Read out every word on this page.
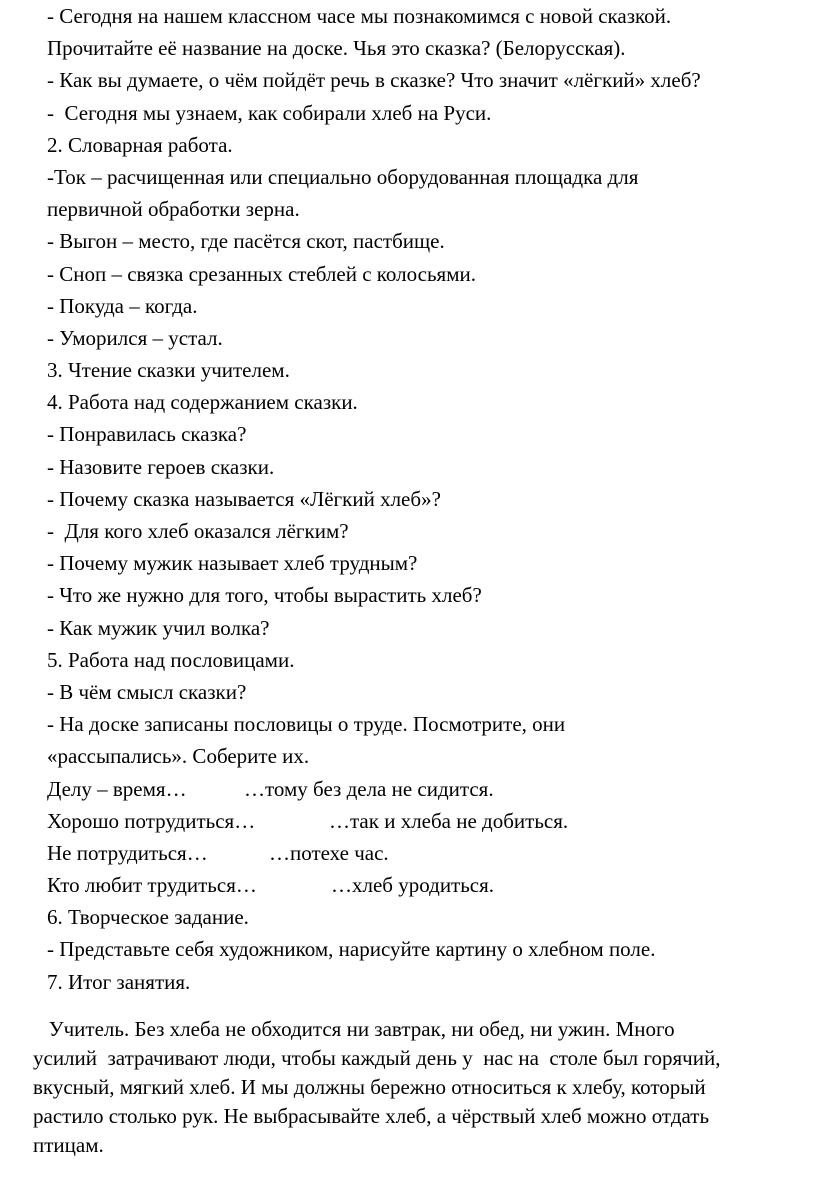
- Сегодня на нашем классном часе мы познакомимся с новой сказкой.
Прочитайте её название на доске. Чья это сказка? (Белорусская).
- Как вы думаете, о чём пойдёт речь в сказке? Что значит «лёгкий» хлеб?
-  Сегодня мы узнаем, как собирали хлеб на Руси.
2. Словарная работа.
-Ток – расчищенная или специально оборудованная площадка для
первичной обработки зерна.
- Выгон – место, где пасётся скот, пастбище.
- Сноп – связка срезанных стеблей с колосьями.
- Покуда – когда.
- Уморился – устал.
3. Чтение сказки учителем.
4. Работа над содержанием сказки.
- Понравилась сказка?
- Назовите героев сказки.
- Почему сказка называется «Лёгкий хлеб»?
-  Для кого хлеб оказался лёгким?
- Почему мужик называет хлеб трудным?
- Что же нужно для того, чтобы вырастить хлеб?
- Как мужик учил волка?
5. Работа над пословицами.
- В чём смысл сказки?
- На доске записаны пословицы о труде. Посмотрите, они
«рассыпались». Соберите их.
Делу – время…	…тому без дела не сидится.
Хорошо потрудиться…	…так и хлеба не добиться.
Не потрудиться…	…потехе час.
Кто любит трудиться…	…хлеб уродиться.
6. Творческое задание.
- Представьте себя художником, нарисуйте картину о хлебном поле.
7. Итог занятия.
Учитель. Без хлеба не обходится ни завтрак, ни обед, ни ужин. Много
усилий  затрачивают люди, чтобы каждый день у  нас на  столе был горячий,
вкусный, мягкий хлеб. И мы должны бережно относиться к хлебу, который
растило столько рук. Не выбрасывайте хлеб, а чёрствый хлеб можно отдать
птицам.
